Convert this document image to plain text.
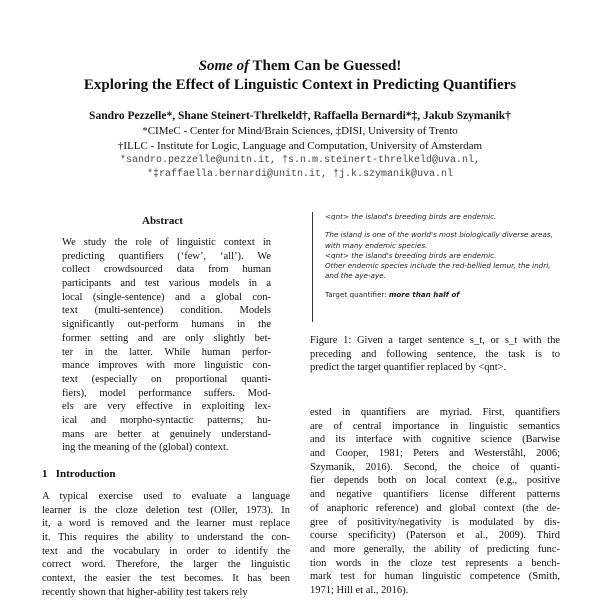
Some of Them Can be Guessed!
Exploring the Effect of Linguistic Context in Predicting Quantifiers
Sandro Pezzelle*, Shane Steinert-Threlkeld†, Raffaella Bernardi*‡, Jakub Szymanik†
*CIMeC - Center for Mind/Brain Sciences, ‡DISI, University of Trento
†ILLC - Institute for Logic, Language and Computation, University of Amsterdam
*sandro.pezzelle@unitn.it, †s.n.m.steinert-threlkeld@uva.nl,
*‡raffaella.bernardi@unitn.it, †j.k.szymanik@uva.nl
Abstract
We study the role of linguistic context in
predicting quantifiers (‘few’, ‘all’). We
collect crowdsourced data from human
participants and test various models in a
local (single-sentence) and a global con-
text (multi-sentence) condition. Models
significantly out-perform humans in the
former setting and are only slightly bet-
ter in the latter. While human perfor-
mance improves with more linguistic con-
text (especially on proportional quanti-
fiers), model performance suffers. Mod-
els are very effective in exploiting lex-
ical and morpho-syntactic patterns; hu-
mans are better at genuinely understand-
ing the meaning of the (global) context.
1 Introduction
A typical exercise used to evaluate a language
learner is the cloze deletion test (Oller, 1973). In
it, a word is removed and the learner must replace
it. This requires the ability to understand the con-
text and the vocabulary in order to identify the
correct word. Therefore, the larger the linguistic
context, the easier the test becomes. It has been
recently shown that higher-ability test takers rely

<qnt> the island's breeding birds are endemic.

The island is one of the world's most biologically diverse areas, with many endemic species.
<qnt> the island's breeding birds are endemic.
Other endemic species include the red-bellied lemur, the indri, and the aye-aye.

Target quantifier: more than half of

Figure 1: Given a target sentence s_t, or s_t with the
preceding and following sentence, the task is to
predict the target quantifier replaced by <qnt>.
ested in quantifiers are myriad. First, quantifiers
are of central importance in linguistic semantics
and its interface with cognitive science (Barwise
and Cooper, 1981; Peters and Westerståhl, 2006;
Szymanik, 2016). Second, the choice of quanti-
fier depends both on local context (e.g., positive
and negative quantifiers license different patterns
of anaphoric reference) and global context (the de-
gree of positivity/negativity is modulated by dis-
course specificity) (Paterson et al., 2009). Third
and more generally, the ability of predicting func-
tion words in the cloze test represents a bench-
mark test for human linguistic competence (Smith,
1971; Hill et al., 2016).
